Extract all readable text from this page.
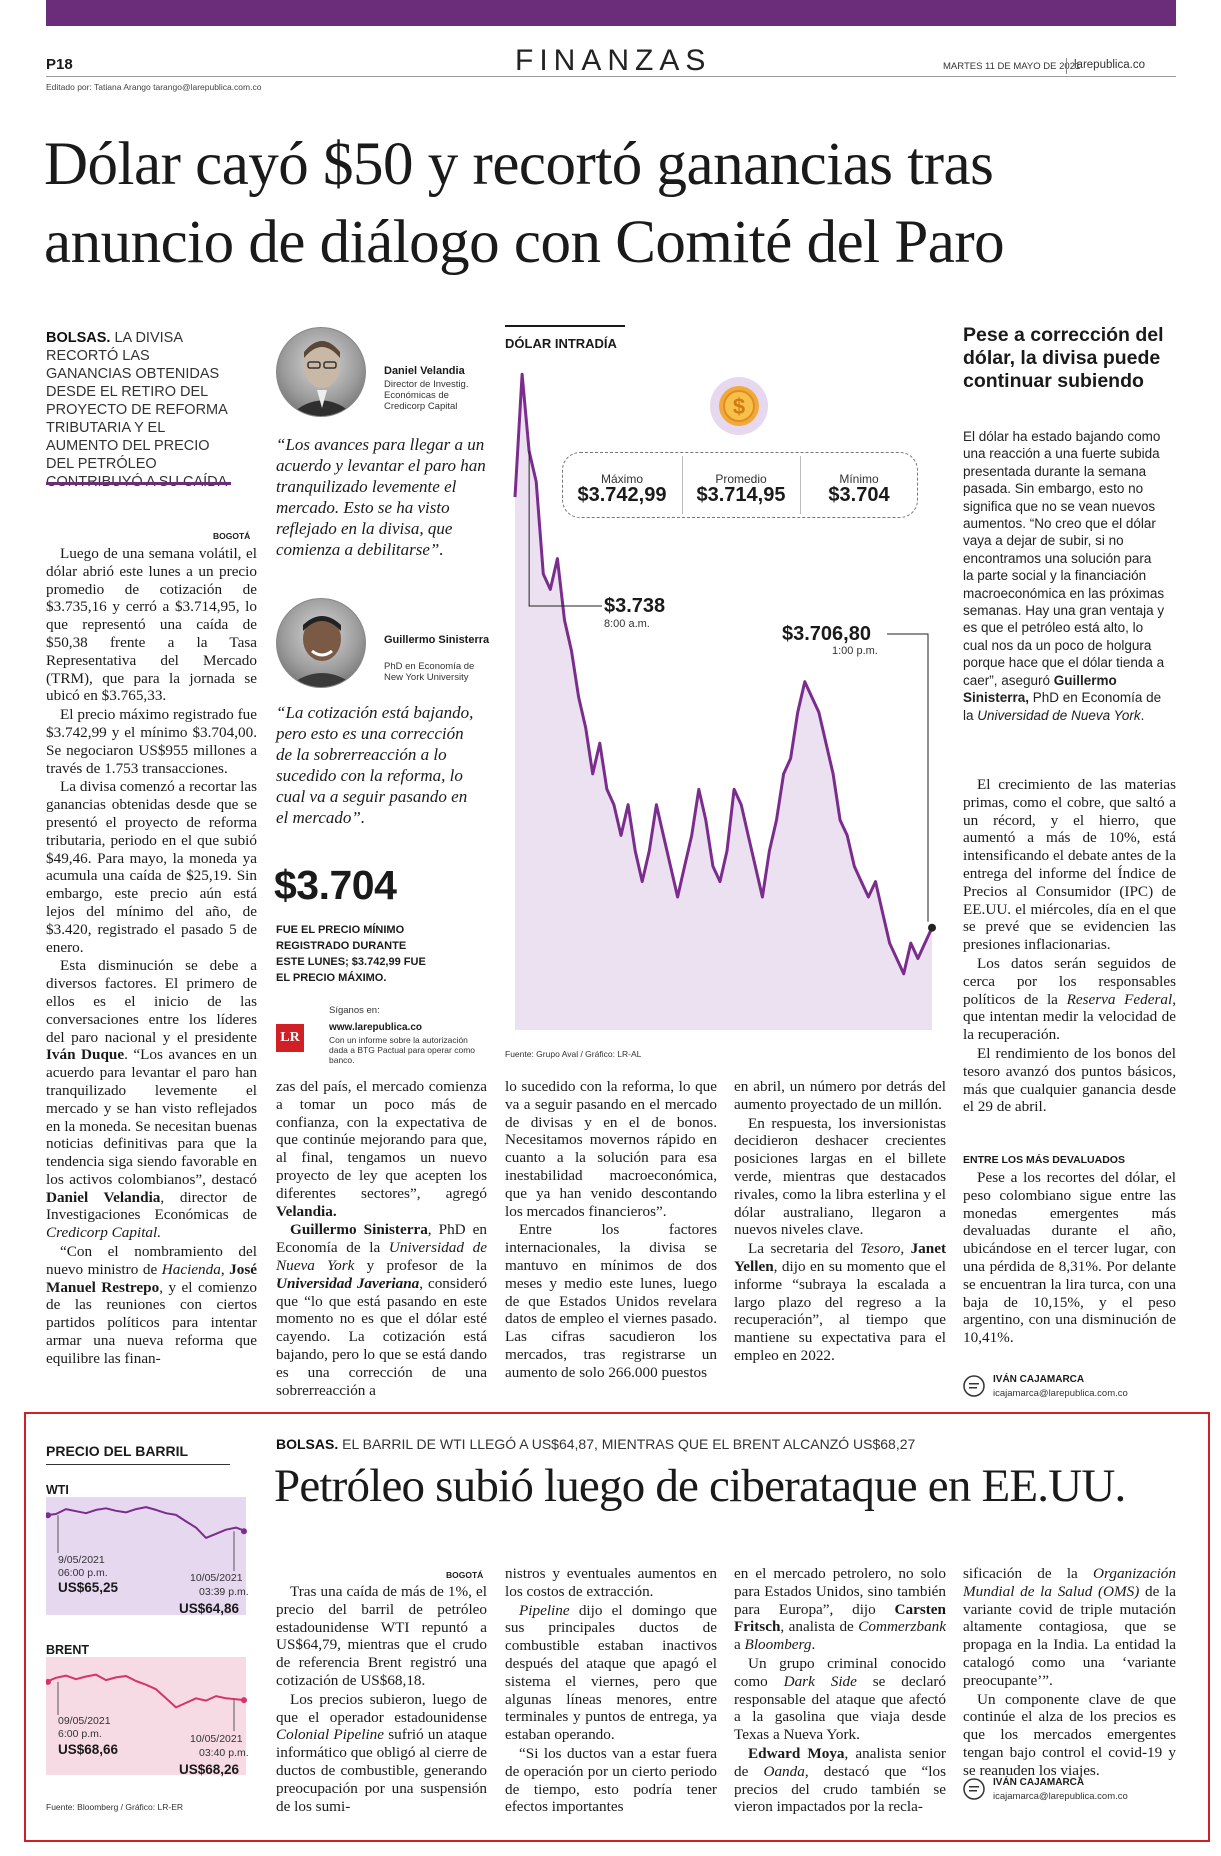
P18	FINANZAS	MARTES 11 DE MAYO DE 2021
larepublica.co
Editado por: Tatiana Arango tarango@larepublica.com.co
Dólar cayó $50 y recortó ganancias tras
anuncio de diálogo con Comité del Paro
BOLSAS. LA DIVISA RECORTÓ LAS GANANCIAS OBTENIDAS DESDE EL RETIRO DEL PROYECTO DE REFORMA TRIBUTARIA Y EL AUMENTO DEL PRECIO DEL PETRÓLEO CONTRIBUYÓ A SU CAÍDA
BOGOTÁ

Luego de una semana volátil, el dólar abrió este lunes a un precio promedio de cotización de $3.735,16 y cerró a $3.714,95, lo que representó una caída de $50,38 frente a la Tasa Representativa del Mercado (TRM), que para la jornada se ubicó en $3.765,33.

El precio máximo registrado fue $3.742,99 y el mínimo $3.704,00. Se negociaron US$955 millones a través de 1.753 transacciones.

La divisa comenzó a recortar las ganancias obtenidas desde que se presentó el proyecto de reforma tributaria, periodo en el que subió $49,46. Para mayo, la moneda ya acumula una caída de $25,19. Sin embargo, este precio aún está lejos del mínimo del año, de $3.420, registrado el pasado 5 de enero.

Esta disminución se debe a diversos factores. El primero de ellos es el inicio de las conversaciones entre los líderes del paro nacional y el presidente Iván Duque. “Los avances en un acuerdo para levantar el paro han tranquilizado levemente el mercado y se han visto reflejados en la moneda. Se necesitan buenas noticias definitivas para que la tendencia siga siendo favorable en los activos colombianos”, destacó Daniel Velandia, director de Investigaciones Económicas de Credicorp Capital.

“Con el nombramiento del nuevo ministro de Hacienda, José Manuel Restrepo, y el comienzo de las reuniones con ciertos partidos políticos para intentar armar una nueva reforma que equilibre las finan-

Daniel Velandia
Director de Investig. Económicas de Credicorp Capital
“Los avances para llegar a un acuerdo y levantar el paro han tranquilizado levemente el mercado. Esto se ha visto reflejado en la divisa, que comienza a debilitarse”.
Guillermo Sinisterra
PhD en Economía de New York University
“La cotización está bajando, pero esto es una corrección de la sobrerreacción a lo sucedido con la reforma, lo cual va a seguir pasando en el mercado”.
$3.704
FUE EL PRECIO MÍNIMO REGISTRADO DURANTE ESTE LUNES; $3.742,99 FUE EL PRECIO MÁXIMO.
Síganos en:
LR
www.larepublica.co
Con un informe sobre la autorización dada a BTG Pactual para operar como banco.
DÓLAR INTRADÍA
$
Máximo
$3.742,99
Promedio
$3.714,95
Mínimo
$3.704
$3.738
8:00 a.m.	$3.706,80
1:00 p.m.
Fuente: Grupo Aval / Gráfico: LR-AL

zas del país, el mercado comienza a tomar un poco más de confianza, con la expectativa de que continúe mejorando para que, al final, tengamos un nuevo proyecto de ley que acepten los diferentes sectores”, agregó Velandia.

Guillermo Sinisterra, PhD en Economía de la Universidad de Nueva York y profesor de la Universidad Javeriana, consideró que “lo que está pasando en este momento no es que el dólar esté cayendo. La cotización está bajando, pero lo que se está dando es una corrección de una sobrerreacción a

lo sucedido con la reforma, lo que va a seguir pasando en el mercado de divisas y en el de bonos. Necesitamos movernos rápido en cuanto a la solución para esa inestabilidad macroeconómica, que ya han venido descontando los mercados financieros”.

Entre los factores internacionales, la divisa se mantuvo en mínimos de dos meses y medio este lunes, luego de que Estados Unidos revelara datos de empleo el viernes pasado. Las cifras sacudieron los mercados, tras registrarse un aumento de solo 266.000 puestos

en abril, un número por detrás del aumento proyectado de un millón.

En respuesta, los inversionistas decidieron deshacer crecientes posiciones largas en el billete verde, mientras que destacados rivales, como la libra esterlina y el dólar australiano, llegaron a nuevos niveles clave.

La secretaria del Tesoro, Janet Yellen, dijo en su momento que el informe “subraya la escalada a largo plazo del regreso a la recuperación”, al tiempo que mantiene su expectativa para el empleo en 2022.

Pese a corrección del dólar, la divisa puede continuar subiendo
El dólar ha estado bajando como una reacción a una fuerte subida presentada durante la semana pasada. Sin embargo, esto no significa que no se vean nuevos aumentos. “No creo que el dólar vaya a dejar de subir, si no encontramos una solución para la parte social y la financiación macroeconómica en las próximas semanas. Hay una gran ventaja y es que el petróleo está alto, lo cual nos da un poco de holgura porque hace que el dólar tienda a caer”, aseguró Guillermo Sinisterra, PhD en Economía de la Universidad de Nueva York.

El crecimiento de las materias primas, como el cobre, que saltó a un récord, y el hierro, que aumentó a más de 10%, está intensificando el debate antes de la entrega del informe del Índice de Precios al Consumidor (IPC) de EE.UU. el miércoles, día en el que se prevé que se evidencien las presiones inflacionarias.

Los datos serán seguidos de cerca por los responsables políticos de la Reserva Federal, que intentan medir la velocidad de la recuperación.

El rendimiento de los bonos del tesoro avanzó dos puntos básicos, más que cualquier ganancia desde el 29 de abril.

ENTRE LOS MÁS DEVALUADOS

Pese a los recortes del dólar, el peso colombiano sigue entre las monedas emergentes más devaluadas durante el año, ubicándose en el tercer lugar, con una pérdida de 8,31%. Por delante se encuentran la lira turca, con una baja de 10,15%, y el peso argentino, con una disminución de 10,41%.

IVÁN CAJAMARCA
icajamarca@larepublica.com.co
PRECIO DEL BARRIL
WTI
BRENT
9/05/2021
06:00 p.m.
US$65,25
10/05/2021
03:39 p.m.
US$64,86
09/05/2021
6:00 p.m.
US$68,66
10/05/2021
03:40 p.m.
US$68,26
Fuente: Bloomberg / Gráfico: LR-ER
BOLSAS. EL BARRIL DE WTI LLEGÓ A US$64,87, MIENTRAS QUE EL BRENT ALCANZÓ US$68,27
Petróleo subió luego de ciberataque en EE.UU.
BOGOTÁ

Tras una caída de más de 1%, el precio del barril de petróleo estadounidense WTI repuntó a US$64,79, mientras que el crudo de referencia Brent registró una cotización de US$68,18.

Los precios subieron, luego de que el operador estadounidense Colonial Pipeline sufrió un ataque informático que obligó al cierre de ductos de combustible, generando preocupación por una suspensión de los sumi-

nistros y eventuales aumentos en los costos de extracción.

Pipeline dijo el domingo que sus principales ductos de combustible estaban inactivos después del ataque que apagó el sistema el viernes, pero que algunas líneas menores, entre terminales y puntos de entrega, ya estaban operando.

“Si los ductos van a estar fuera de operación por un cierto periodo de tiempo, esto podría tener efectos importantes

en el mercado petrolero, no solo para Estados Unidos, sino también para Europa”, dijo Carsten Fritsch, analista de Commerzbank a Bloomberg.

Un grupo criminal conocido como Dark Side se declaró responsable del ataque que afectó a la gasolina que viaja desde Texas a Nueva York.

Edward Moya, analista senior de Oanda, destacó que “los precios del crudo también se vieron impactados por la recla-

sificación de la Organización Mundial de la Salud (OMS) de la variante covid de triple mutación altamente contagiosa, que se propaga en la India. La entidad la catalogó como una ‘variante preocupante’”.

Un componente clave de que continúe el alza de los precios es que los mercados emergentes tengan bajo control el covid-19 y se reanuden los viajes.

IVÁN CAJAMARCA
icajamarca@larepublica.com.co
